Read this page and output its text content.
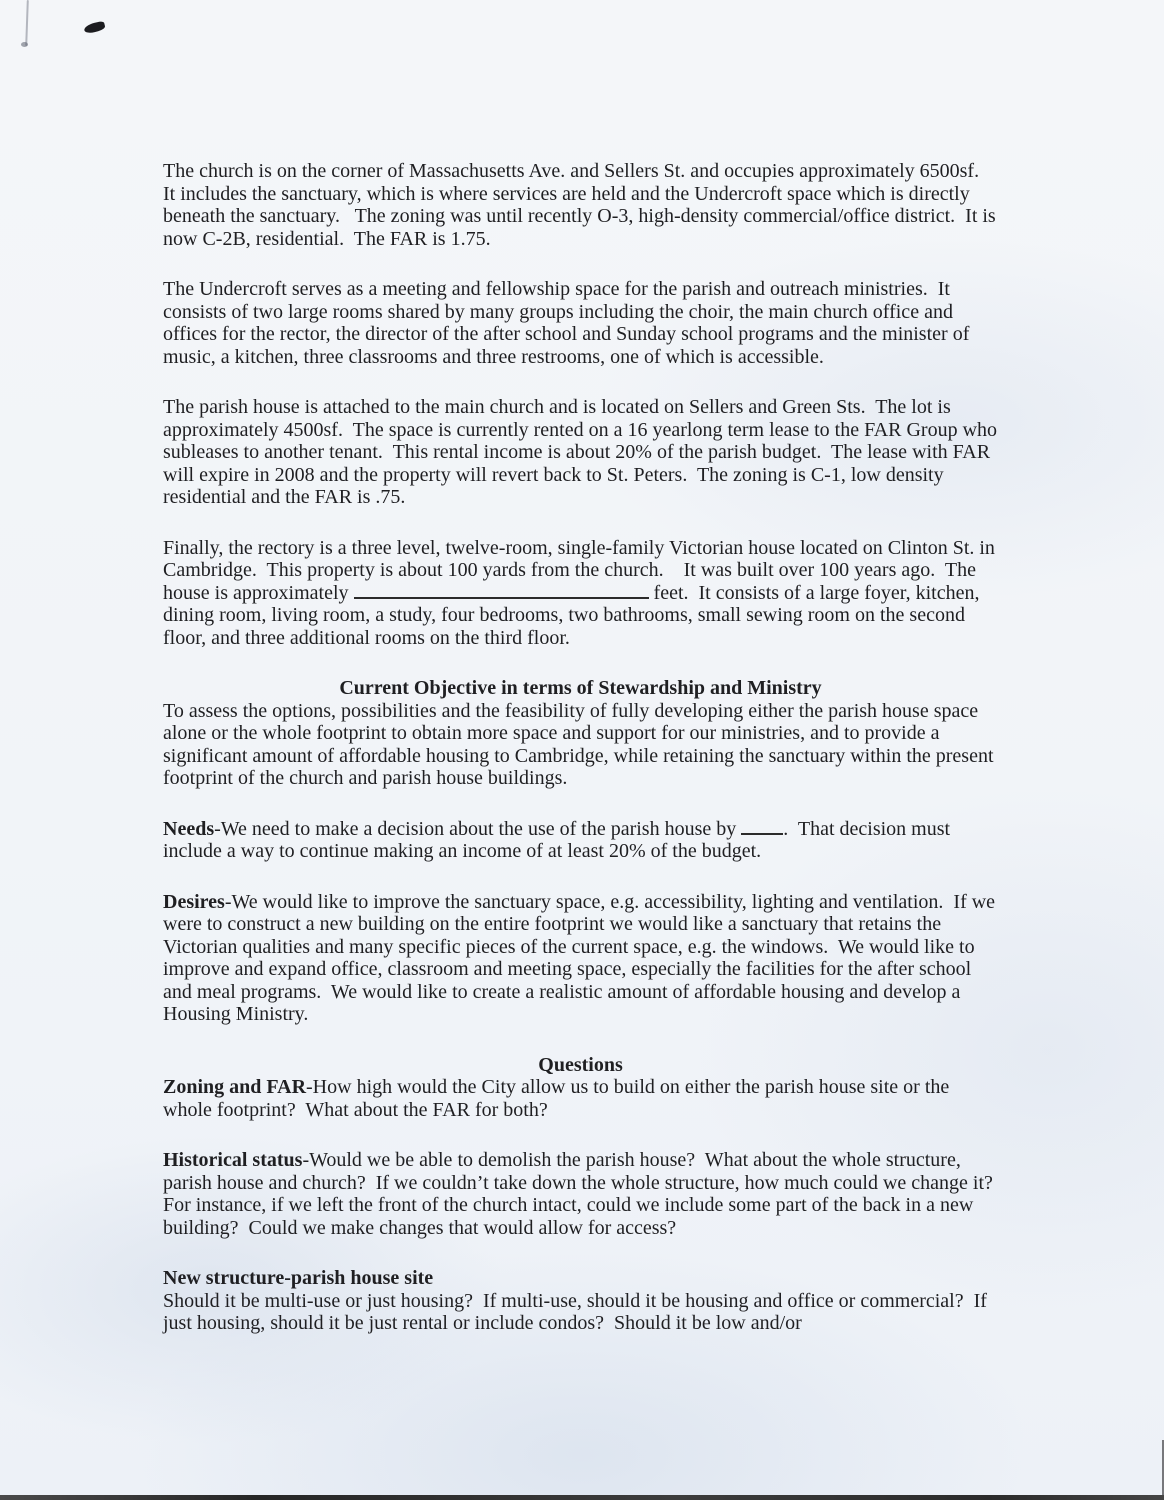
The church is on the corner of Massachusetts Ave. and Sellers St. and occupies approximately 6500sf.  It includes the sanctuary, which is where services are held and the Undercroft space which is directly beneath the sanctuary.   The zoning was until recently O-3, high-density commercial/office district.  It is now C-2B, residential.  The FAR is 1.75.

The Undercroft serves as a meeting and fellowship space for the parish and outreach ministries.  It consists of two large rooms shared by many groups including the choir, the main church office and offices for the rector, the director of the after school and Sunday school programs and the minister of music, a kitchen, three classrooms and three restrooms, one of which is accessible.

The parish house is attached to the main church and is located on Sellers and Green Sts.  The lot is approximately 4500sf.  The space is currently rented on a 16 yearlong term lease to the FAR Group who subleases to another tenant.  This rental income is about 20% of the parish budget.  The lease with FAR will expire in 2008 and the property will revert back to St. Peters.  The zoning is C-1, low density residential and the FAR is .75.

Finally, the rectory is a three level, twelve-room, single-family Victorian house located on Clinton St. in Cambridge.  This property is about 100 yards from the church.    It was built over 100 years ago.  The house is approximately	feet.  It consists of a large foyer, kitchen, dining room, living room, a study, four bedrooms, two bathrooms, small sewing room on the second floor, and three additional rooms on the third floor.

Current Objective in terms of Stewardship and Ministry

To assess the options, possibilities and the feasibility of fully developing either the parish house space alone or the whole footprint to obtain more space and support for our ministries, and to provide a significant amount of affordable housing to Cambridge, while retaining the sanctuary within the present footprint of the church and parish house buildings.

Needs-We need to make a decision about the use of the parish house by .  That decision must include a way to continue making an income of at least 20% of the budget.

Desires-We would like to improve the sanctuary space, e.g. accessibility, lighting and ventilation.  If we were to construct a new building on the entire footprint we would like a sanctuary that retains the Victorian qualities and many specific pieces of the current space, e.g. the windows.  We would like to improve and expand office, classroom and meeting space, especially the facilities for the after school and meal programs.  We would like to create a realistic amount of affordable housing and develop a Housing Ministry.

Questions

Zoning and FAR-How high would the City allow us to build on either the parish house site or the whole footprint?  What about the FAR for both?

Historical status-Would we be able to demolish the parish house?  What about the whole structure, parish house and church?  If we couldn’t take down the whole structure, how much could we change it?  For instance, if we left the front of the church intact, could we include some part of the back in a new building?  Could we make changes that would allow for access?

New structure-parish house site

Should it be multi-use or just housing?  If multi-use, should it be housing and office or commercial?  If just housing, should it be just rental or include condos?  Should it be low and/or
